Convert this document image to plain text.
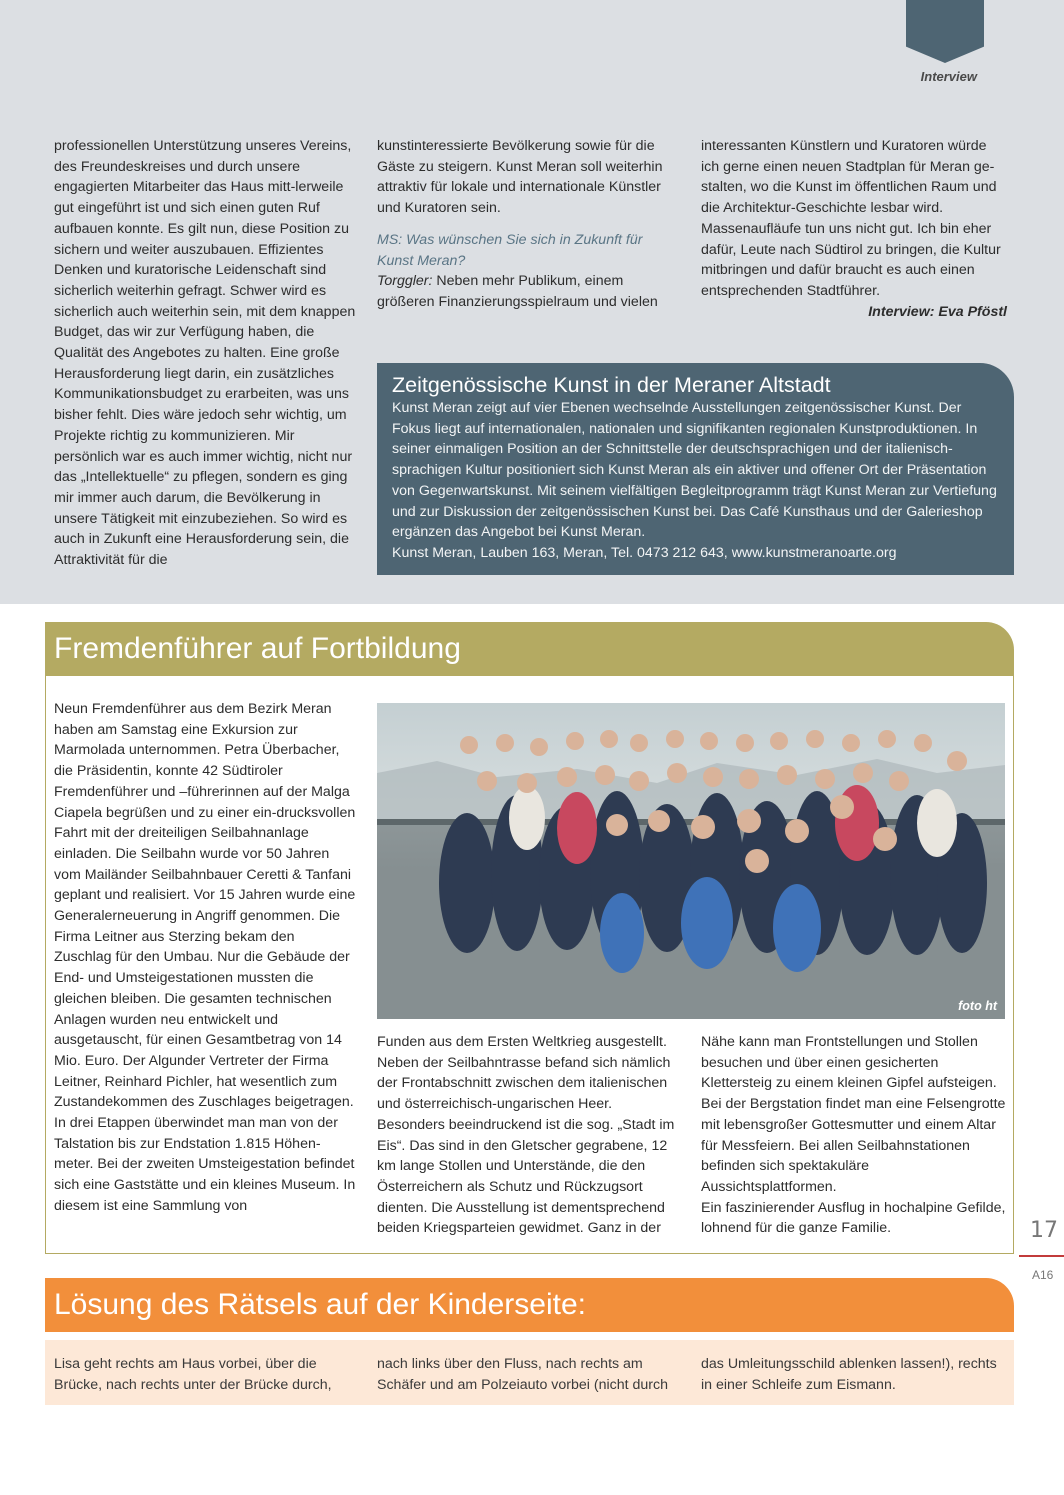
Interview

professionellen Unterstützung unseres Vereins, des Freundeskreises und durch unsere engagierten Mitarbeiter das Haus mitt-lerweile gut eingeführt ist und sich einen guten Ruf aufbauen konnte. Es gilt nun, diese Position zu sichern und weiter auszubauen. Effizientes Denken und kuratorische Leidenschaft sind sicherlich weiterhin gefragt. Schwer wird es sicherlich auch weiterhin sein, mit dem knappen Budget, das wir zur Verfügung haben, die Qualität des Angebotes zu halten. Eine große Herausforderung liegt darin, ein zusätzliches Kommunikationsbudget zu erarbeiten, was uns bisher fehlt. Dies wäre jedoch sehr wichtig, um Projekte richtig zu kommunizieren. Mir persönlich war es auch immer wichtig, nicht nur das „Intellektuelle“ zu pflegen, sondern es ging mir immer auch darum, die Bevölkerung in unsere Tätigkeit mit einzubeziehen. So wird es auch in Zukunft eine Herausforderung sein, die Attraktivität für die

kunstinteressierte Bevölkerung sowie für die Gäste zu steigern. Kunst Meran soll weiterhin attraktiv für lokale und internationale Künstler und Kuratoren sein.

MS: Was wünschen Sie sich in Zukunft für Kunst Meran?

Torggler: Neben mehr Publikum, einem größeren Finanzierungsspielraum und vielen

interessanten Künstlern und Kuratoren würde ich gerne einen neuen Stadtplan für Meran ge-stalten, wo die Kunst im öffentlichen Raum und die Architektur-Geschichte lesbar wird. Massenaufläufe tun uns nicht gut. Ich bin eher dafür, Leute nach Südtirol zu bringen, die Kultur mitbringen und dafür braucht es auch einen entsprechenden Stadtführer.

Interview: Eva Pföstl

Zeitgenössische Kunst in der Meraner Altstadt
Kunst Meran zeigt auf vier Ebenen wechselnde Ausstellungen zeitgenössischer Kunst. Der Fokus liegt auf internationalen, nationalen und signifikanten regionalen Kunstproduktionen. In seiner einmaligen Position an der Schnittstelle der deutschsprachigen und der italienisch-sprachigen Kultur positioniert sich Kunst Meran als ein aktiver und offener Ort der Präsentation von Gegenwartskunst. Mit seinem vielfältigen Begleitprogramm trägt Kunst Meran zur Vertiefung und zur Diskussion der zeitgenössischen Kunst bei. Das Café Kunsthaus und der Galerieshop ergänzen das Angebot bei Kunst Meran.
Kunst Meran, Lauben 163, Meran, Tel. 0473 212 643, www.kunstmeranoarte.org
Fremdenführer auf Fortbildung

Neun Fremdenführer aus dem Bezirk Meran haben am Samstag eine Exkursion zur Marmolada unternommen. Petra Überbacher, die Präsidentin, konnte 42 Südtiroler Fremdenführer und –führerinnen auf der Malga Ciapela begrüßen und zu einer ein-drucksvollen Fahrt mit der dreiteiligen Seilbahnanlage einladen. Die Seilbahn wurde vor 50 Jahren vom Mailänder Seilbahnbauer Ceretti & Tanfani geplant und realisiert. Vor 15 Jahren wurde eine Generalerneuerung in Angriff genommen. Die Firma Leitner aus Sterzing bekam den Zuschlag für den Umbau. Nur die Gebäude der End- und Umsteigestationen mussten die gleichen bleiben. Die gesamten technischen Anlagen wurden neu entwickelt und ausgetauscht, für einen Gesamtbetrag von 14 Mio. Euro. Der Algunder Vertreter der Firma Leitner, Reinhard Pichler, hat wesentlich zum Zustandekommen des Zuschlages beigetragen.

In drei Etappen überwindet man man von der Talstation bis zur Endstation 1.815 Höhen-meter. Bei der zweiten Umsteigestation befindet sich eine Gaststätte und ein kleines Museum. In diesem ist eine Sammlung von

foto ht

Funden aus dem Ersten Weltkrieg ausgestellt. Neben der Seilbahntrasse befand sich nämlich der Frontabschnitt zwischen dem italienischen und österreichisch-ungarischen Heer. Besonders beeindruckend ist die sog. „Stadt im Eis“. Das sind in den Gletscher gegrabene, 12 km lange Stollen und Unterstände, die den Österreichern als Schutz und Rückzugsort dienten. Die Ausstellung ist dementsprechend beiden Kriegsparteien gewidmet. Ganz in der

Nähe kann man Frontstellungen und Stollen besuchen und über einen gesicherten Klettersteig zu einem kleinen Gipfel aufsteigen. Bei der Bergstation findet man eine Felsengrotte mit lebensgroßer Gottesmutter und einem Altar für Messfeiern. Bei allen Seilbahnstationen befinden sich spektakuläre Aussichtsplattformen.

Ein faszinierender Ausflug in hochalpine Gefilde, lohnend für die ganze Familie.	17
A16
Lösung des Rätsels auf der Kinderseite:

Lisa geht rechts am Haus vorbei, über die Brücke, nach rechts unter der Brücke durch,

nach links über den Fluss, nach rechts am Schäfer und am Polzeiauto vorbei (nicht durch

das Umleitungsschild ablenken lassen!), rechts in einer Schleife zum Eismann.
